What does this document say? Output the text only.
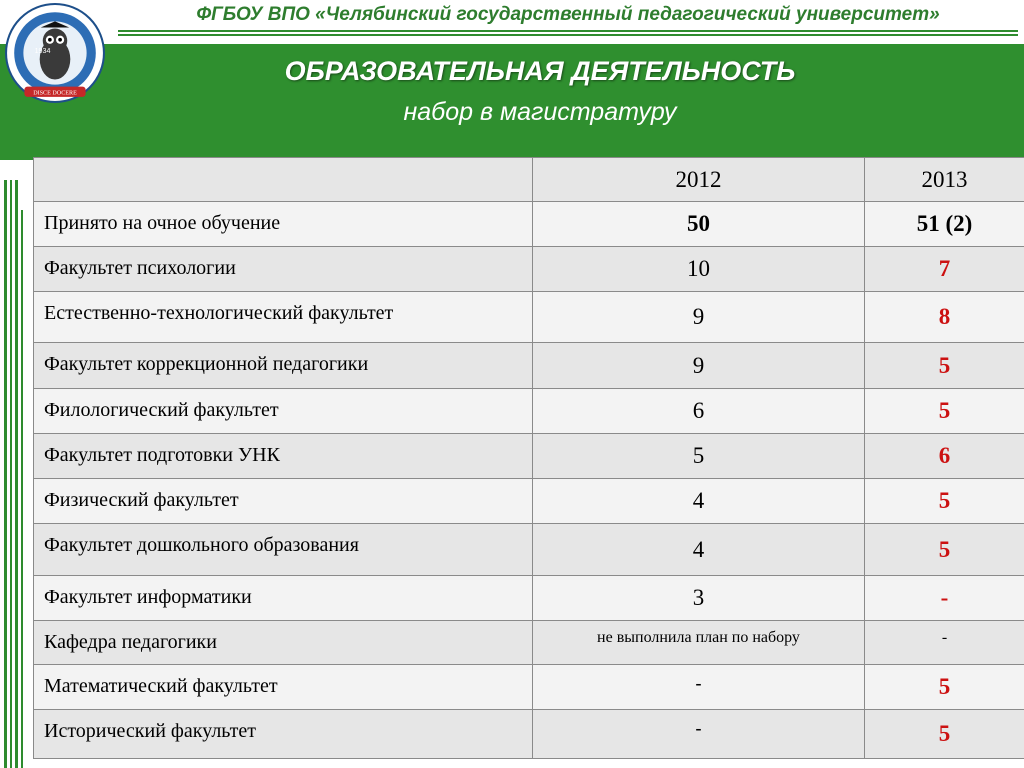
ФГБОУ ВПО «Челябинский государственный педагогический университет»
1934
DISCE DOCERE
ОБРАЗОВАТЕЛЬНАЯ ДЕЯТЕЛЬНОСТЬ
набор в магистратуру
	2012	2013
Принято на очное обучение	50	51 (2)
Факультет психологии	10	7
Естественно-технологический факультет	9	8
Факультет коррекционной педагогики	9	5
Филологический факультет	6	5
Факультет подготовки УНК	5	6
Физический факультет	4	5
Факультет дошкольного образования	4	5
Факультет информатики	3	-
Кафедра педагогики	не выполнила план по набору	-
Математический факультет	-	5
Исторический факультет	-	5
